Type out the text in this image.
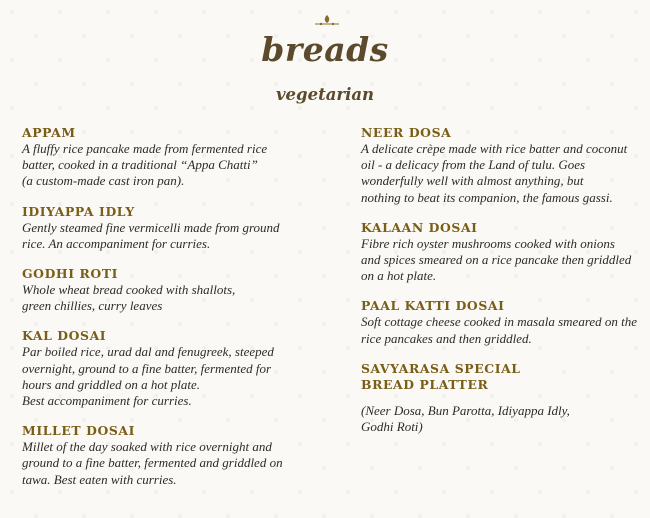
breads
vegetarian
APPAM
A fluffy rice pancake made from fermented rice
batter, cooked in a traditional “Appa Chatti”
(a custom-made cast iron pan).
IDIYAPPA IDLY
Gently steamed fine vermicelli made from ground
rice. An accompaniment for curries.
GODHI ROTI
Whole wheat bread cooked with shallots,
green chillies, curry leaves
KAL DOSAI
Par boiled rice, urad dal and fenugreek, steeped
overnight, ground to a fine batter, fermented for
hours and griddled on a hot plate.
Best accompaniment for curries.
MILLET DOSAI
Millet of the day soaked with rice overnight and
ground to a fine batter, fermented and griddled on
tawa. Best eaten with curries.
NEER DOSA
A delicate crèpe made with rice batter and coconut
oil - a delicacy from the Land of tulu. Goes
wonderfully well with almost anything, but
nothing to beat its companion, the famous gassi.
KALAAN DOSAI
Fibre rich oyster mushrooms cooked with onions
and spices smeared on a rice pancake then griddled
on a hot plate.
PAAL KATTI DOSAI
Soft cottage cheese cooked in masala smeared on the
rice pancakes and then griddled.
SAVYARASA SPECIAL
BREAD PLATTER
(Neer Dosa, Bun Parotta, Idiyappa Idly,
Godhi Roti)
